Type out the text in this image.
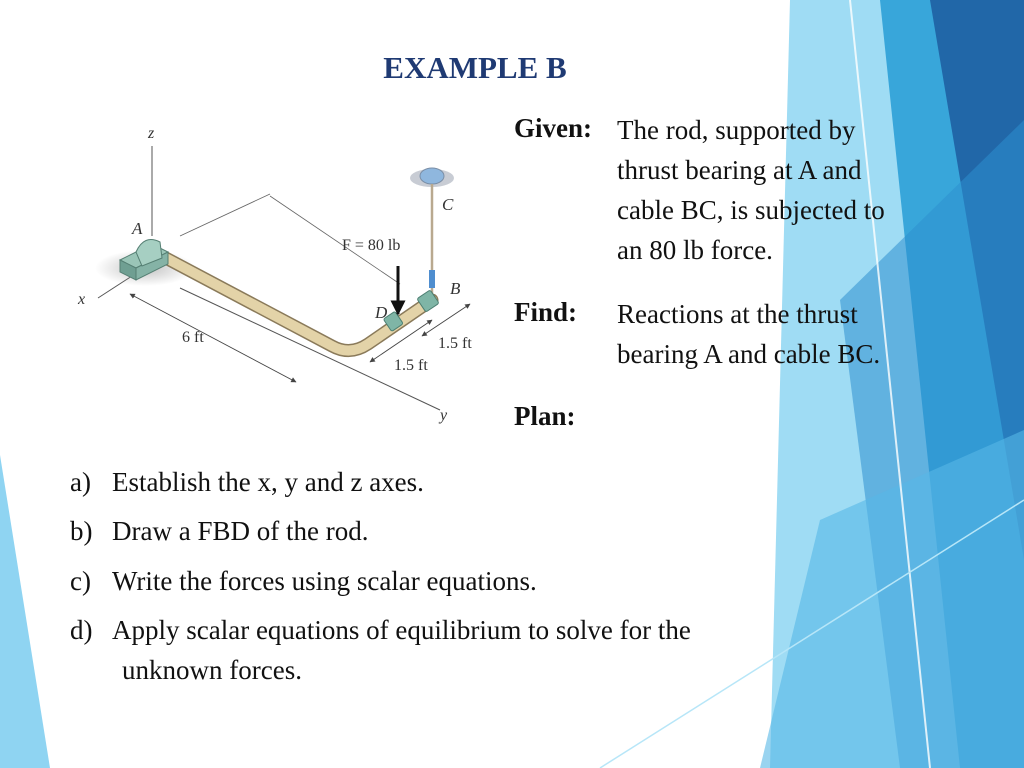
EXAMPLE B
Given: The rod, supported by
thrust bearing at A and
cable BC, is subjected to
an 80 lb force.
Find: Reactions at the thrust
bearing A and cable BC.
Plan:
a) Establish the x, y and z axes.
b) Draw a FBD of the rod.
c) Write the forces using scalar equations.
d) Apply scalar equations of equilibrium to solve for the
unknown forces.
z
x
y
C
A
F = 80 lb
D
B
6 ft
1.5 ft
1.5 ft
